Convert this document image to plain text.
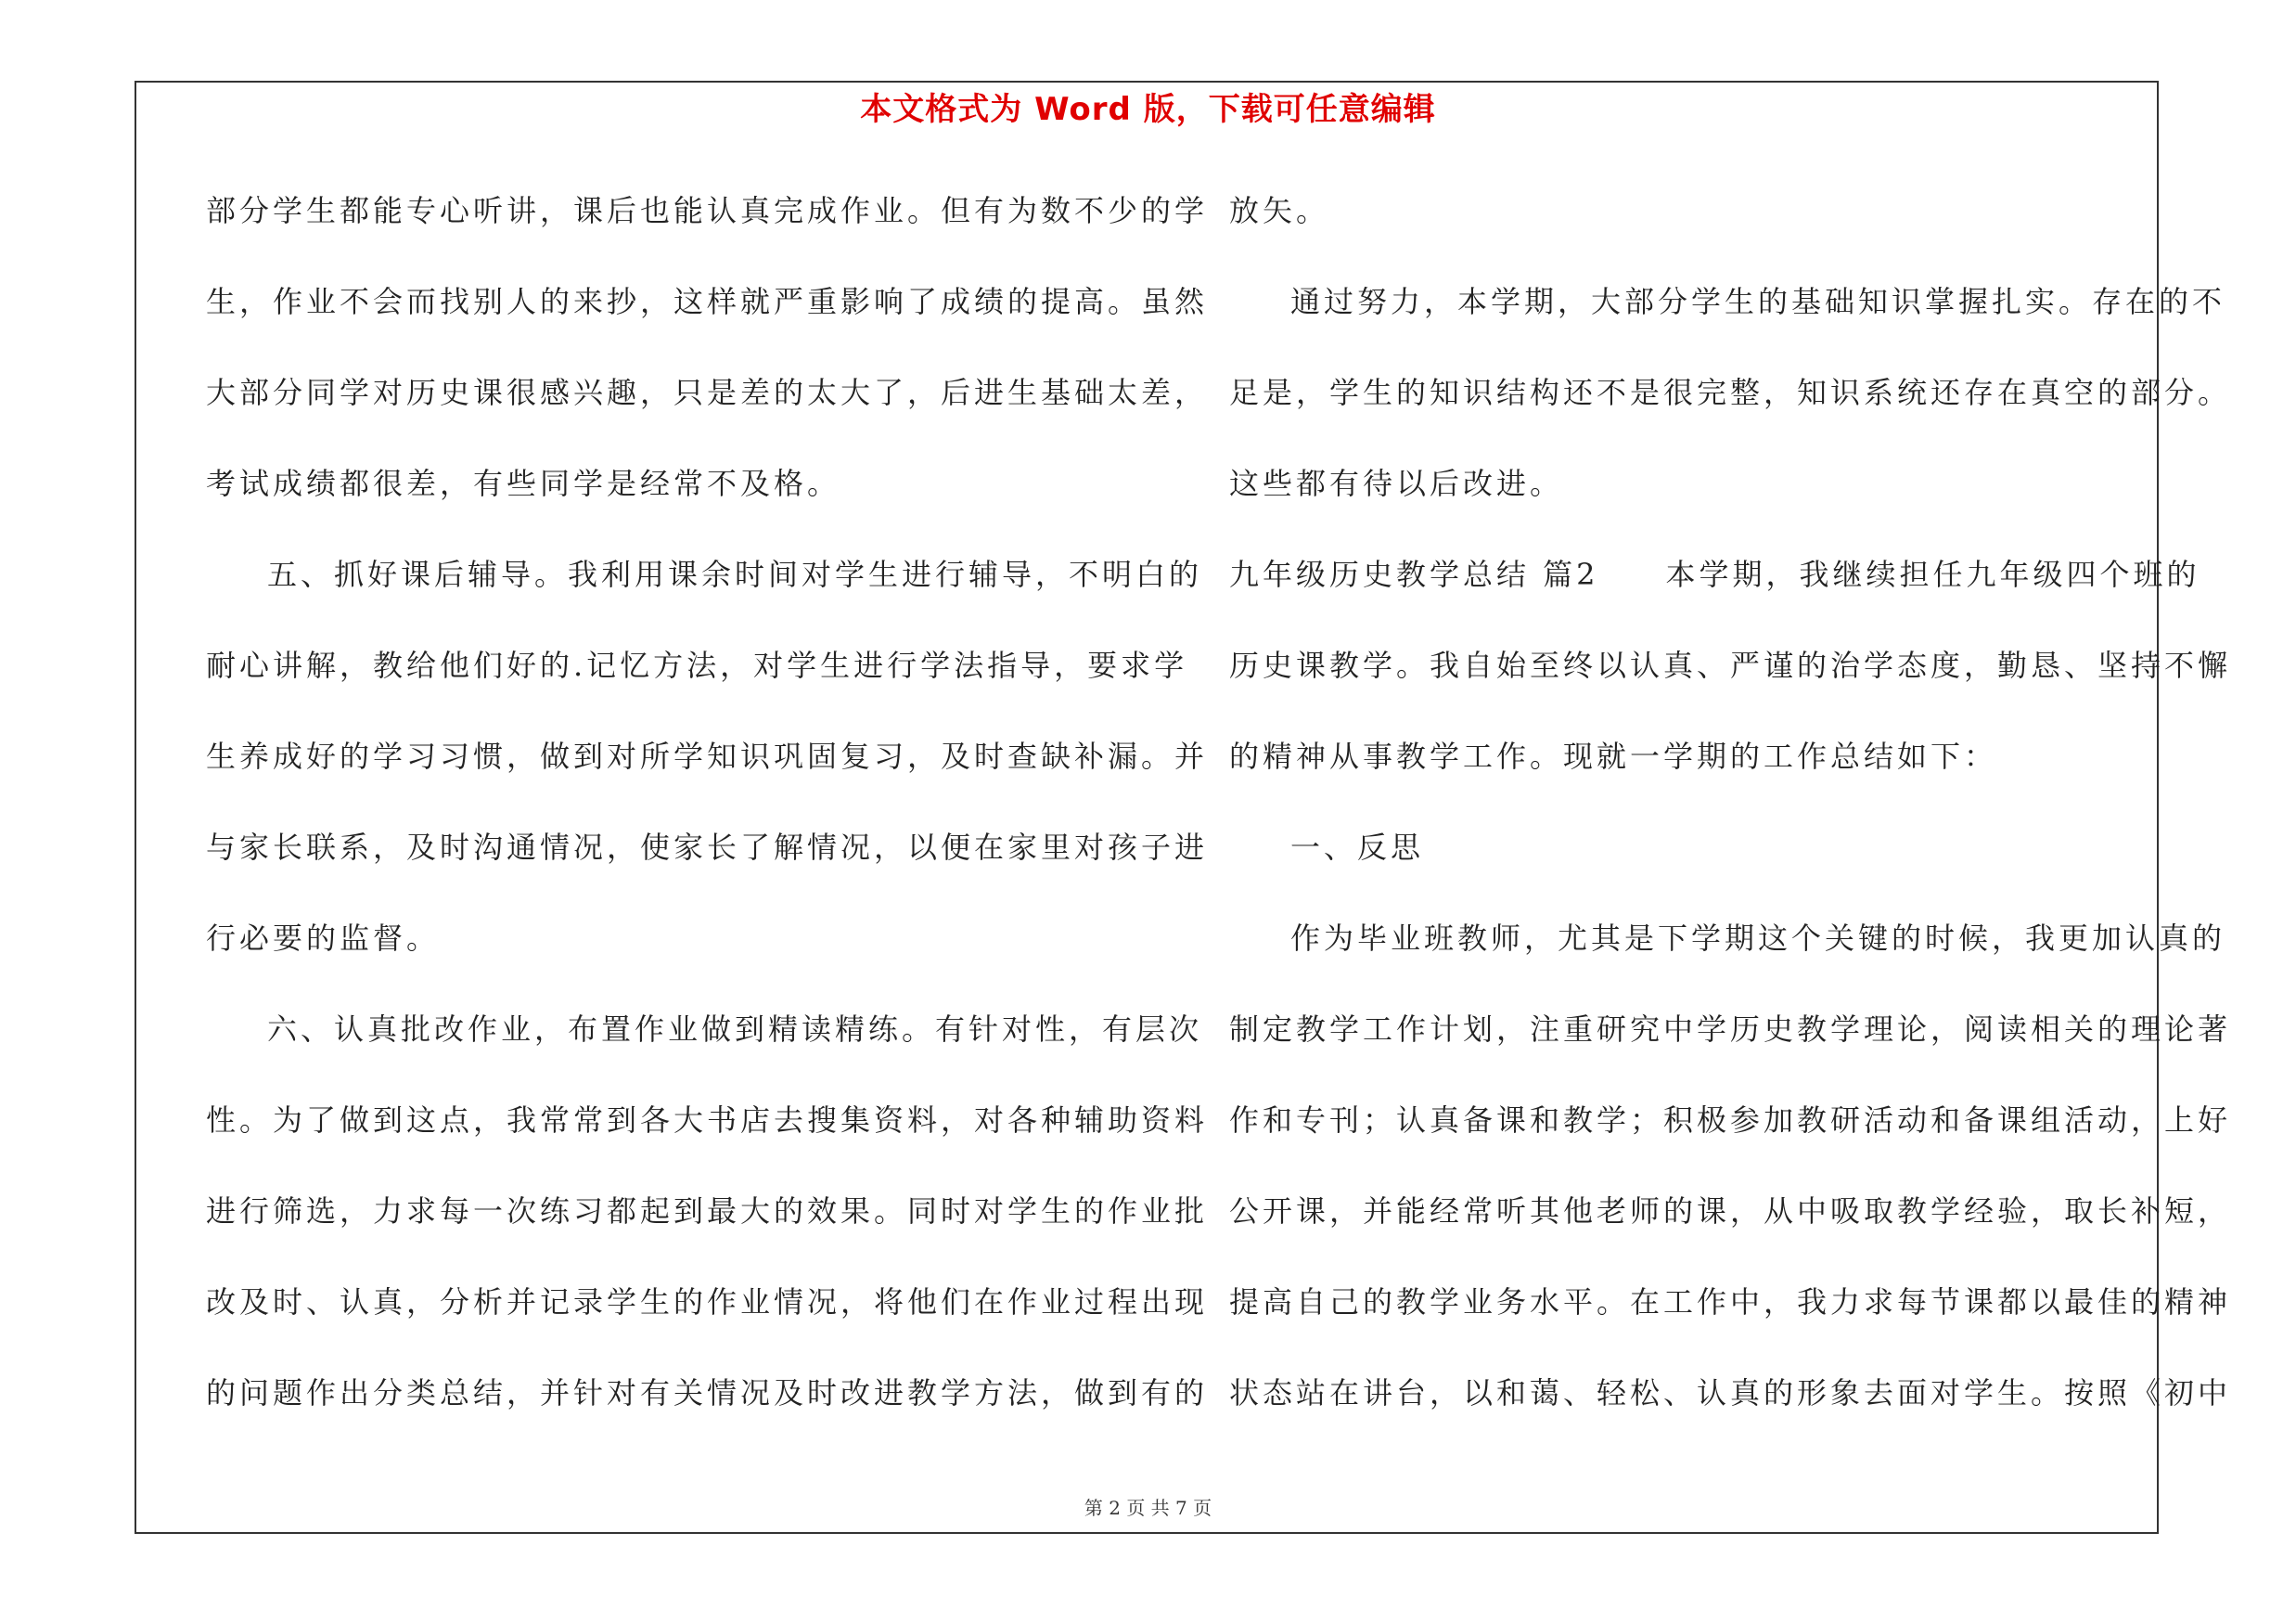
本文格式为 Word 版，下载可任意编辑
部分学生都能专心听讲，课后也能认真完成作业。但有为数不少的学
生，作业不会而找别人的来抄，这样就严重影响了成绩的提高。虽然
大部分同学对历史课很感兴趣，只是差的太大了，后进生基础太差，
考试成绩都很差，有些同学是经常不及格。
五、抓好课后辅导。我利用课余时间对学生进行辅导，不明白的
耐心讲解，教给他们好的.记忆方法，对学生进行学法指导，要求学
生养成好的学习习惯，做到对所学知识巩固复习，及时查缺补漏。并
与家长联系，及时沟通情况，使家长了解情况，以便在家里对孩子进
行必要的监督。
六、认真批改作业，布置作业做到精读精练。有针对性，有层次
性。为了做到这点，我常常到各大书店去搜集资料，对各种辅助资料
进行筛选，力求每一次练习都起到最大的效果。同时对学生的作业批
改及时、认真，分析并记录学生的作业情况，将他们在作业过程出现
的问题作出分类总结，并针对有关情况及时改进教学方法，做到有的
放矢。
通过努力，本学期，大部分学生的基础知识掌握扎实。存在的不
足是，学生的知识结构还不是很完整，知识系统还存在真空的部分。
这些都有待以后改进。
九年级历史教学总结 篇2　　本学期，我继续担任九年级四个班的
历史课教学。我自始至终以认真、严谨的治学态度，勤恳、坚持不懈
的精神从事教学工作。现就一学期的工作总结如下：
一、反思
作为毕业班教师，尤其是下学期这个关键的时候，我更加认真的
制定教学工作计划，注重研究中学历史教学理论，阅读相关的理论著
作和专刊；认真备课和教学；积极参加教研活动和备课组活动，上好
公开课，并能经常听其他老师的课，从中吸取教学经验，取长补短，
提高自己的教学业务水平。在工作中，我力求每节课都以最佳的精神
状态站在讲台，以和蔼、轻松、认真的形象去面对学生。按照《初中
第 2 页 共 7 页
